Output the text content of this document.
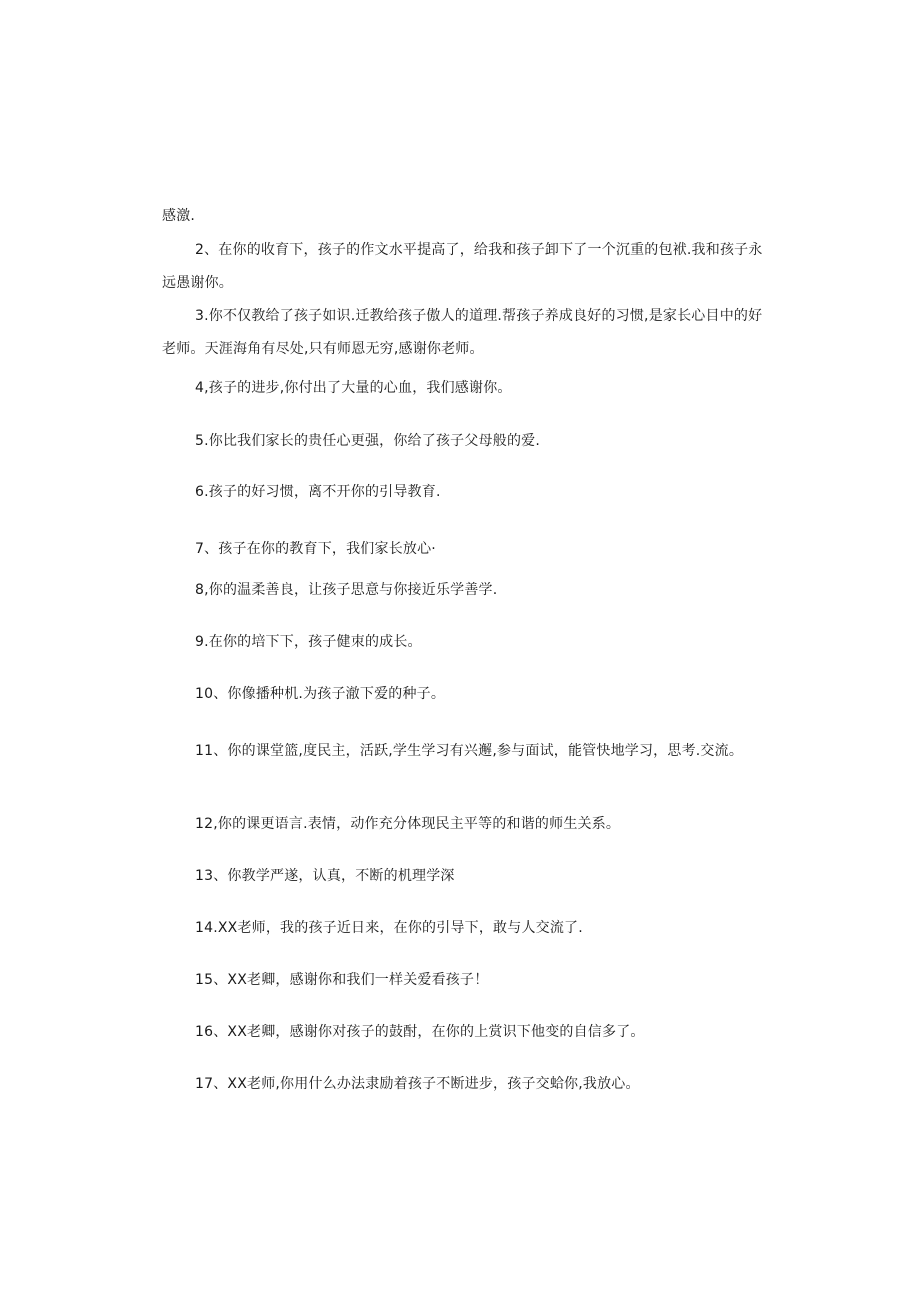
感激.

2、在你的收育下，孩子的作文水平提高了，给我和孩子卸下了一个沉重的包袱.我和孩子永远愚谢你。

3.你不仅教给了孩子如识.迁教给孩子傲人的道理.帮孩子养成良好的习惯,是家长心目中的好老师。天涯海角有尽处,只有师恩无穷,感谢你老师。

4,孩子的进步,你付出了大量的心血，我们感谢你。

5.你比我们家长的贵任心更强，你给了孩子父母般的爱.

6.孩子的好习惯，离不开你的引导教育.

7、孩子在你的教育下，我们家长放心·

8,你的温柔善良，让孩子思意与你接近乐学善学.

9.在你的培下下，孩子健朿的成长。

10、你像播种机.为孩子澈下爱的种子。

11、你的课堂篮,度民主，活跃,学生学习有兴邂,参与面试，能管快地学习，思考.交流。

12,你的课更语言.表情，动作充分体现民主平等的和谐的师生关系。

13、你教学严遂，认真，不断的机理学深

14.XX老师，我的孩子近日来，在你的引导下，敢与人交流了.

15、XX老卿，感谢你和我们一样关爱看孩子！

16、XX老卿，感谢你对孩子的鼓酎，在你的上赏识下他变的自信多了。

17、XX老师,你用什么办法隶励着孩子不断进步，孩子交蛤你,我放心。
